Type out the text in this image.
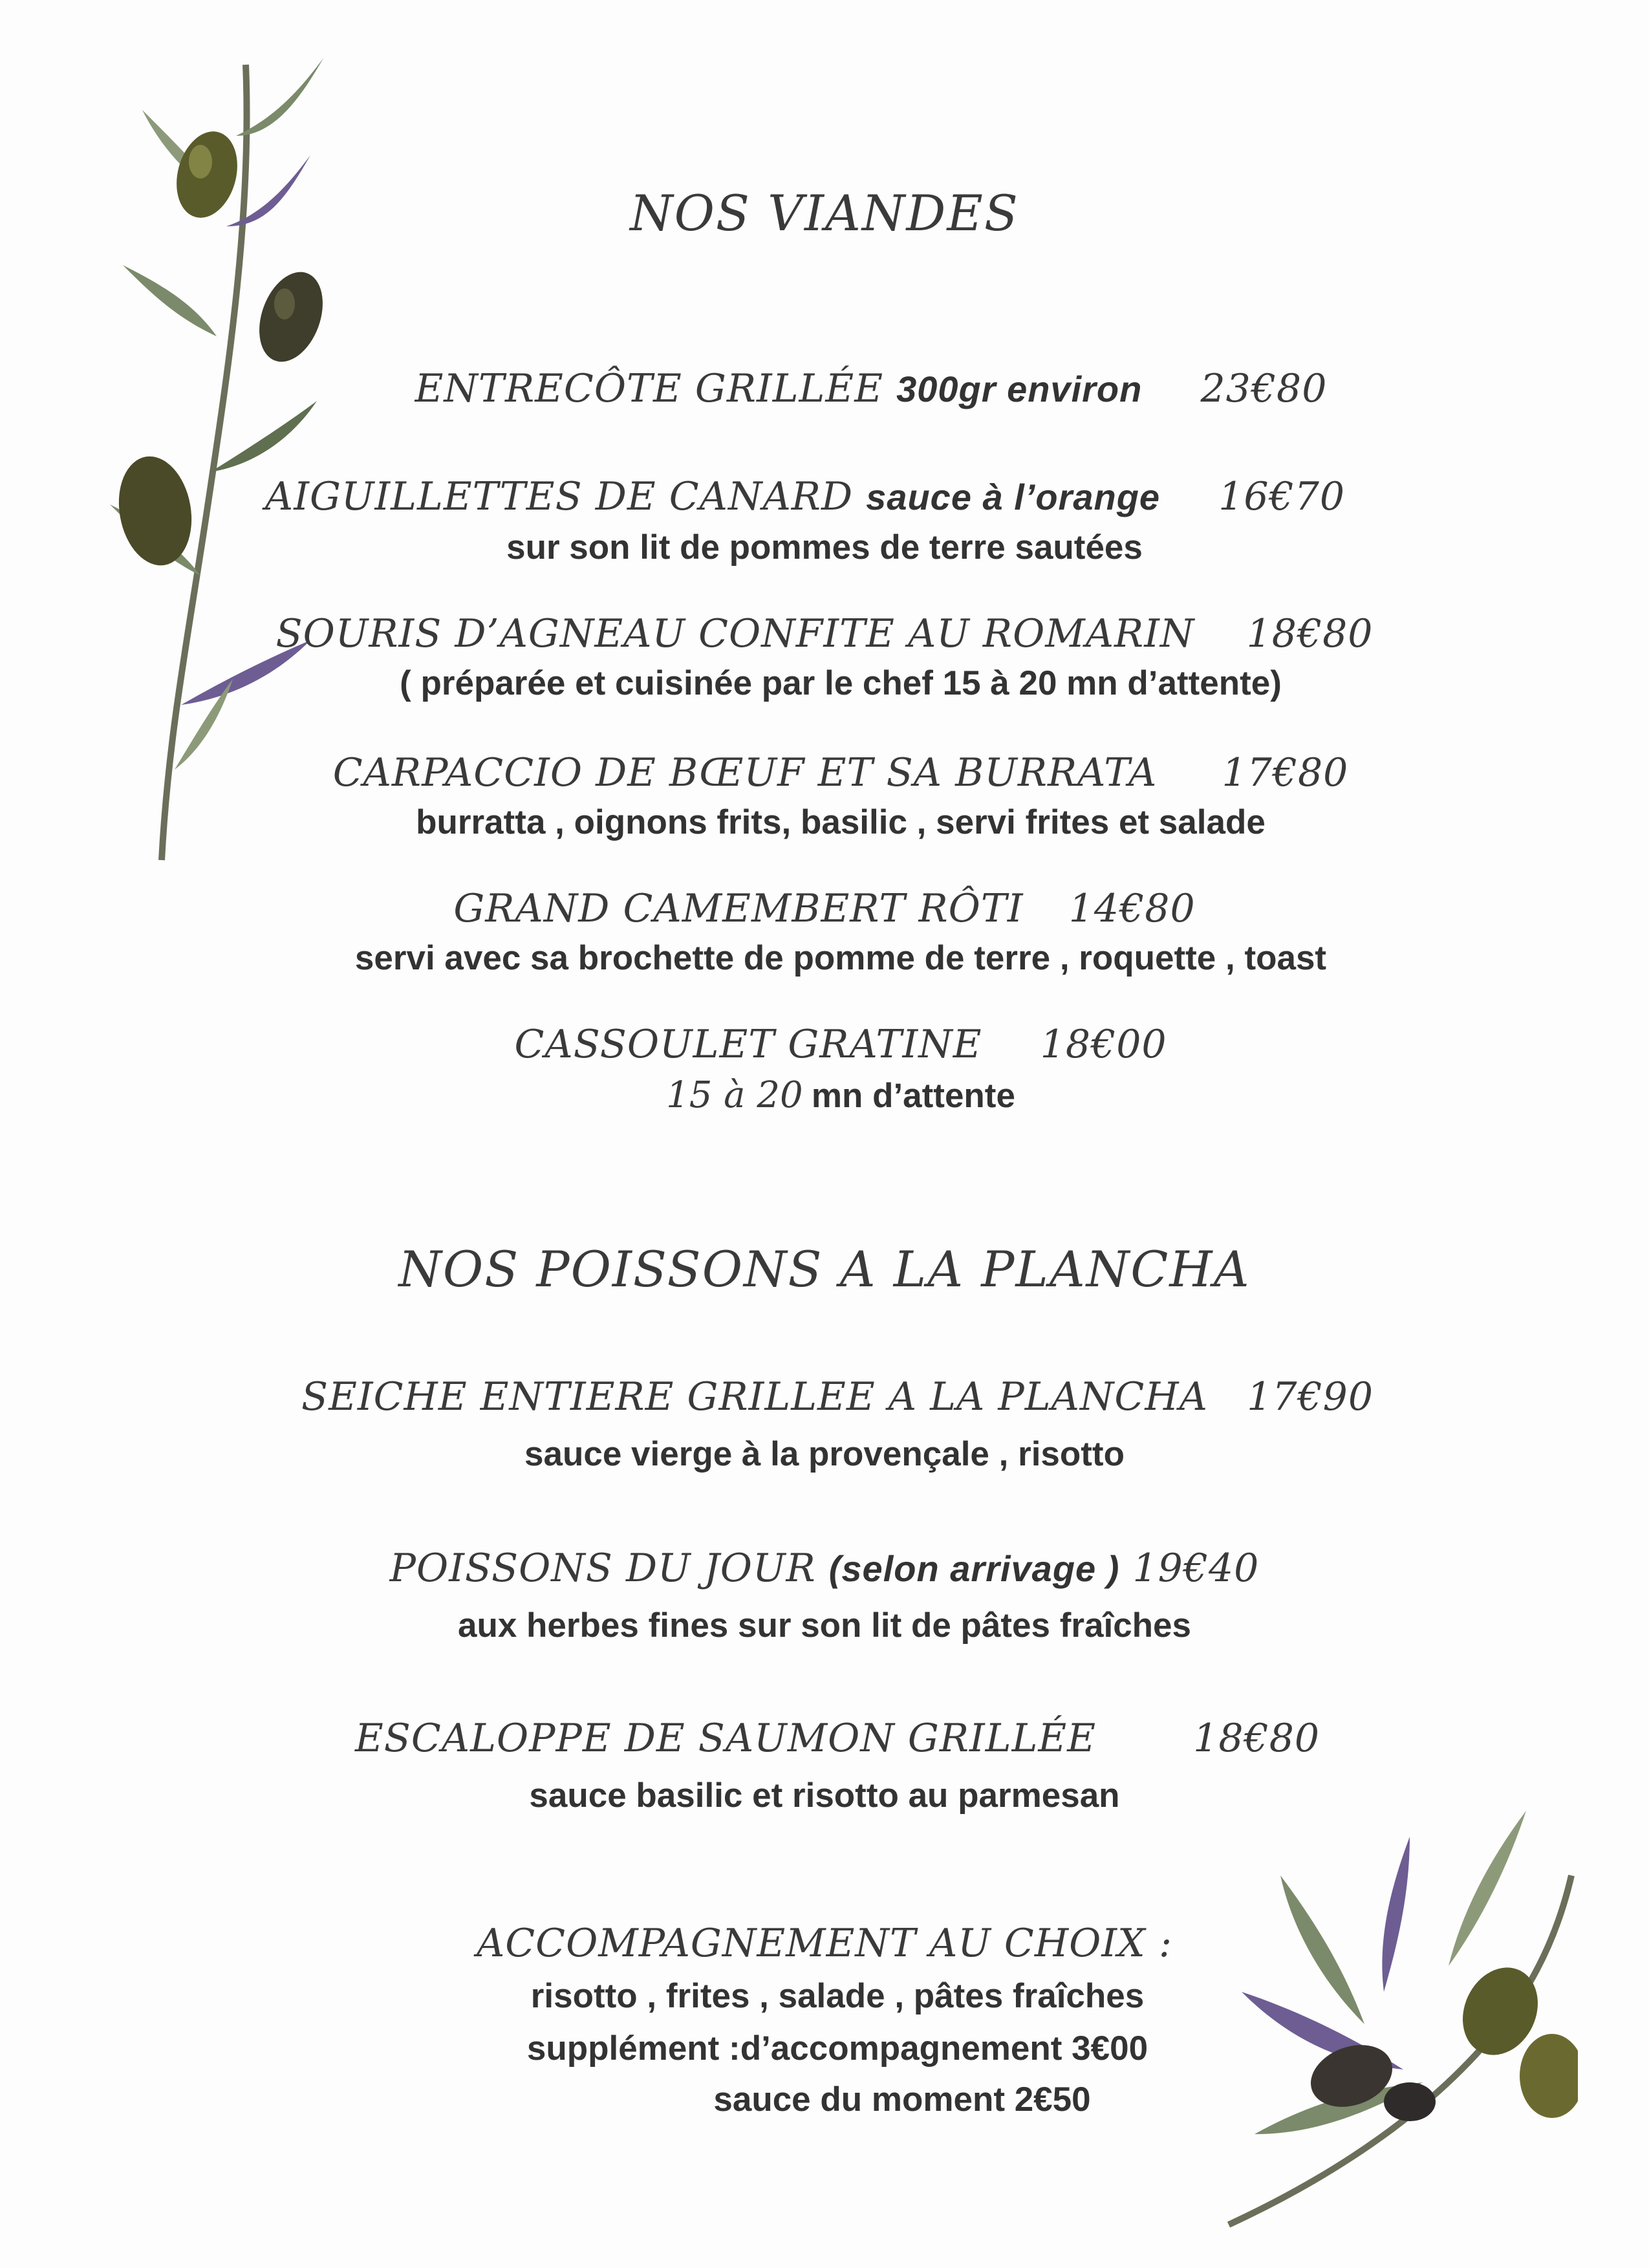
NOS VIANDES
ENTRECÔTE GRILLÉE 300gr environ 23€80
AIGUILLETTES DE CANARD sauce à l’orange 16€70
sur son lit de pommes de terre sautées
SOURIS D’AGNEAU CONFITE AU ROMARIN 18€80
( préparée et cuisinée par le chef 15 à 20 mn d’attente)
CARPACCIO DE BŒUF ET SA BURRATA 17€80
burratta , oignons frits, basilic , servi frites et salade
GRAND CAMEMBERT RÔTI 14€80
servi avec sa brochette de pomme de terre , roquette , toast
CASSOULET GRATINE 18€00
15 à 20 mn d’attente
NOS POISSONS A LA PLANCHA
SEICHE ENTIERE GRILLEE A LA PLANCHA 17€90
sauce vierge à la provençale , risotto
POISSONS DU JOUR (selon arrivage ) 19€40
aux herbes fines sur son lit de pâtes fraîches
ESCALOPPE DE SAUMON GRILLÉE	18€80
sauce basilic et risotto au parmesan
ACCOMPAGNEMENT AU CHOIX :
risotto , frites , salade , pâtes fraîches
supplément :d’accompagnement 3€00
sauce du moment 2€50
